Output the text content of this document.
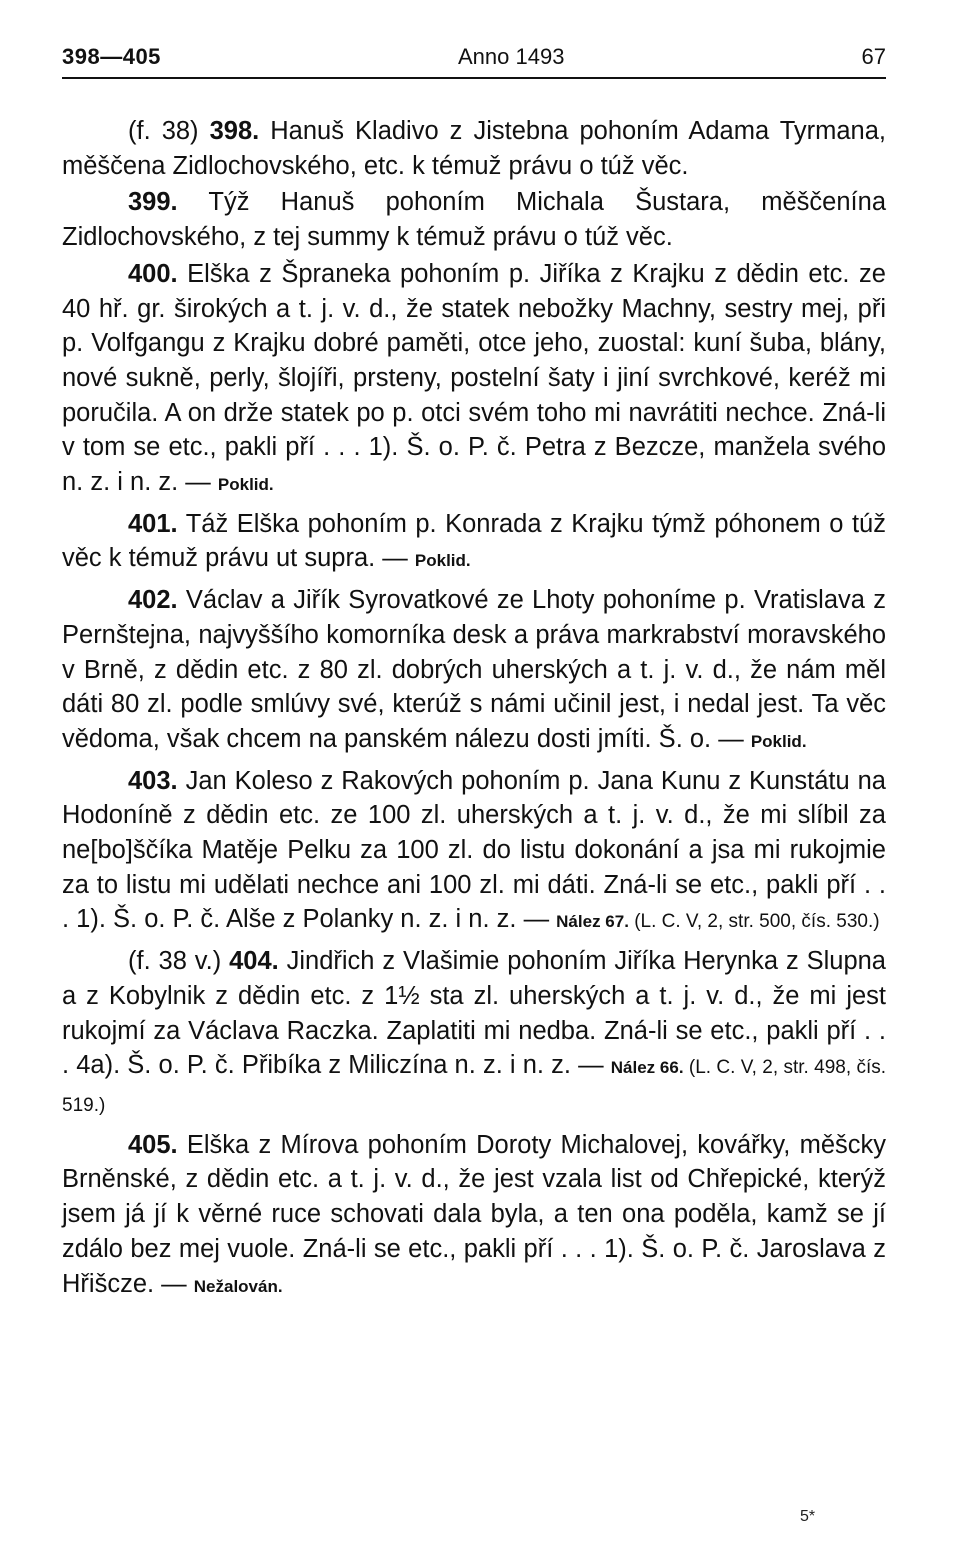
398—405	Anno 1493	67

(f. 38) 398. Hanuš Kladivo z Jistebna pohoním Adama Tyrmana, měščena Zidlochovského, etc. k témuž právu o túž věc.

399. Týž Hanuš pohoním Michala Šustara, měščenína Zidlochovského, z tej summy k témuž právu o túž věc.

400. Elška z Špraneka pohoním p. Jiříka z Krajku z dědin etc. ze 40 hř. gr. širokých a t. j. v. d., že statek nebožky Machny, sestry mej, při p. Volfgangu z Krajku dobré paměti, otce jeho, zuostal: kuní šuba, blány, nové sukně, perly, šlojíři, prsteny, postelní šaty i jiní svrchkové, keréž mi poručila. A on drže statek po p. otci svém toho mi navrátiti nechce. Zná-li v tom se etc., pakli pří . . . 1). Š. o. P. č. Petra z Bezcze, manžela svého n. z. i n. z. — Poklid.

401. Táž Elška pohoním p. Konrada z Krajku týmž póhonem o túž věc k témuž právu ut supra. — Poklid.

402. Václav a Jiřík Syrovatkové ze Lhoty pohoníme p. Vratislava z Pernštejna, najvyššího komorníka desk a práva markrabství moravského v Brně, z dědin etc. z 80 zl. dobrých uherských a t. j. v. d., že nám měl dáti 80 zl. podle smlúvy své, kterúž s námi učinil jest, i nedal jest. Ta věc vědoma, však chcem na panském nálezu dosti jmíti. Š. o. — Poklid.

403. Jan Koleso z Rakových pohoním p. Jana Kunu z Kunstátu na Hodoníně z dědin etc. ze 100 zl. uherských a t. j. v. d., že mi slíbil za ne[bo]ščíka Matěje Pelku za 100 zl. do listu dokonání a jsa mi rukojmie za to listu mi udělati nechce ani 100 zl. mi dáti. Zná-li se etc., pakli pří . . . 1). Š. o. P. č. Alše z Polanky n. z. i n. z. — Nález 67. (L. C. V, 2, str. 500, čís. 530.)

(f. 38 v.) 404. Jindřich z Vlašimie pohoním Jiříka Herynka z Slupna a z Kobylnik z dědin etc. z 1½ sta zl. uherských a t. j. v. d., že mi jest rukojmí za Václava Raczka. Zaplatiti mi nedba. Zná-li se etc., pakli pří . . . 4a). Š. o. P. č. Přibíka z Miliczína n. z. i n. z. — Nález 66. (L. C. V, 2, str. 498, čís. 519.)

405. Elška z Mírova pohoním Doroty Michalovej, kovářky, měšcky Brněnské, z dědin etc. a t. j. v. d., že jest vzala list od Chřepické, kterýž jsem já jí k věrné ruce schovati dala byla, a ten ona poděla, kamž se jí zdálo bez mej vuole. Zná-li se etc., pakli pří . . . 1). Š. o. P. č. Jaroslava z Hřišcze. — Nežalován.

5*
